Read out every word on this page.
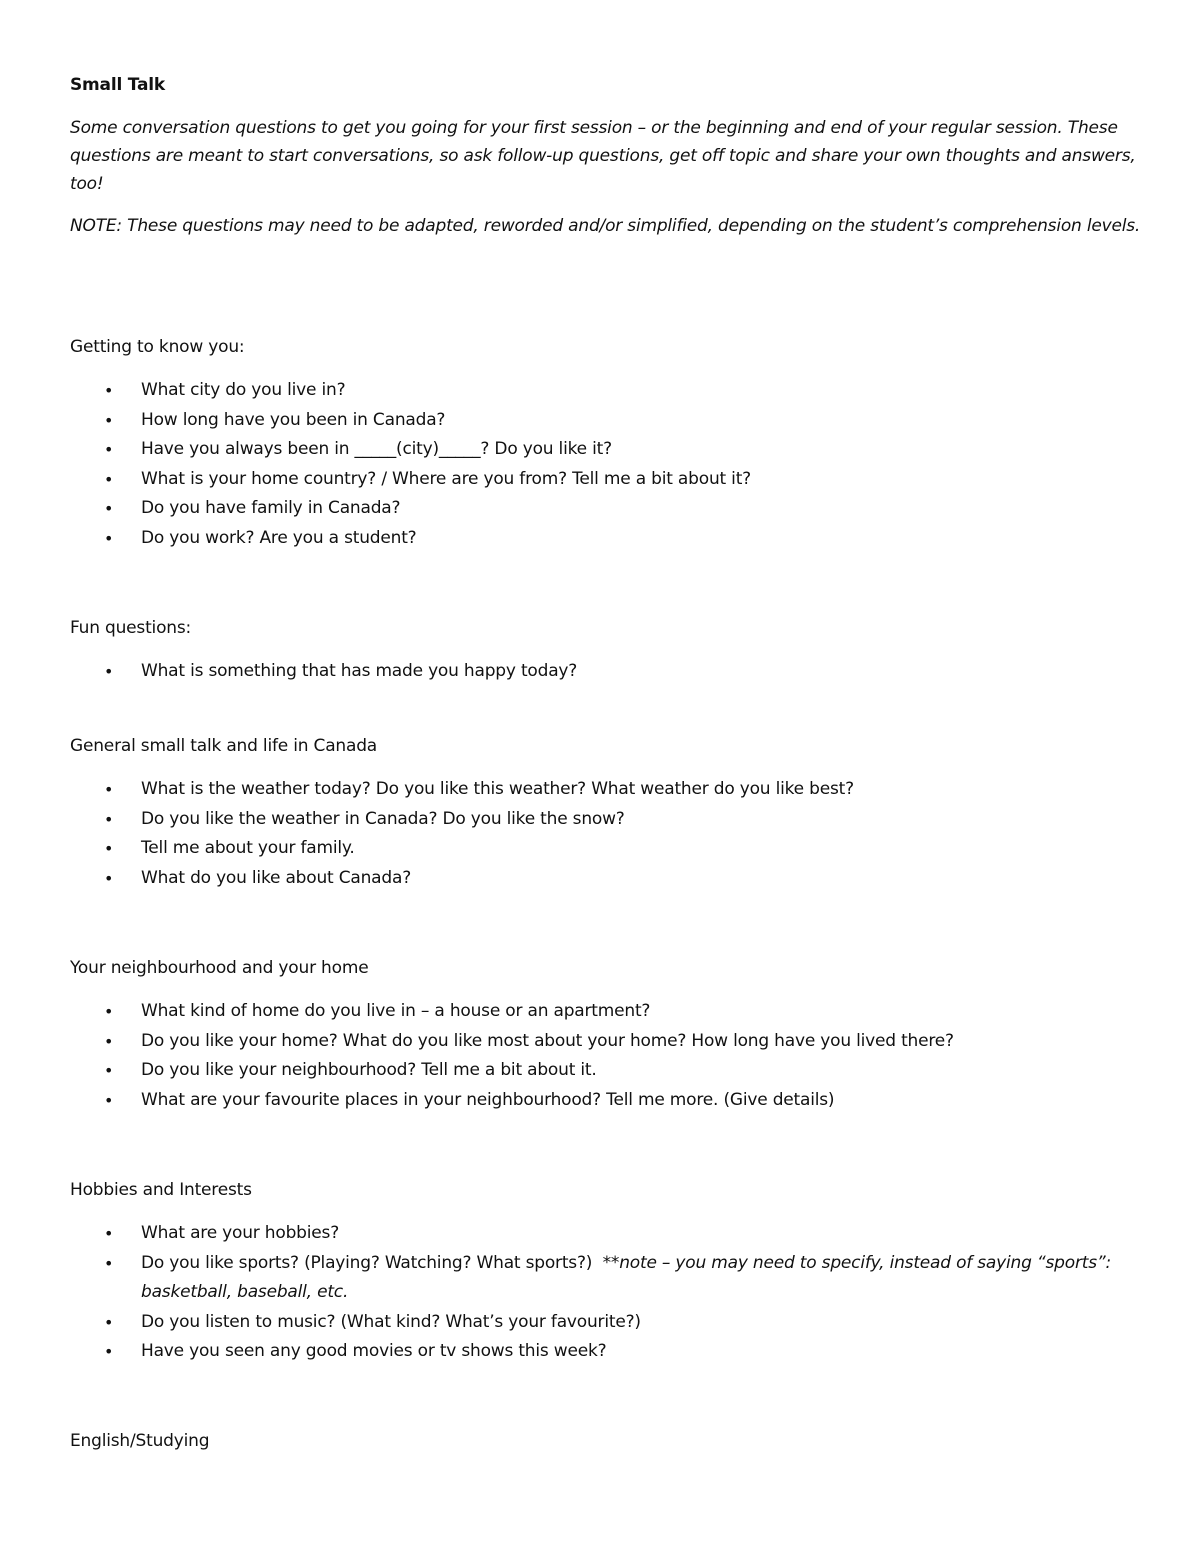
Small Talk

Some conversation questions to get you going for your first session – or the beginning and end of your regular session. These questions are meant to start conversations, so ask follow-up questions, get off topic and share your own thoughts and answers, too!

NOTE: These questions may need to be adapted, reworded and/or simplified, depending on the student’s comprehension levels.

Getting to know you:

• What city do you live in?
• How long have you been in Canada?
• Have you always been in _____(city)_____? Do you like it?
• What is your home country? / Where are you from? Tell me a bit about it?
• Do you have family in Canada?
• Do you work? Are you a student?

Fun questions:

• What is something that has made you happy today?

General small talk and life in Canada

• What is the weather today? Do you like this weather? What weather do you like best?
• Do you like the weather in Canada? Do you like the snow?
• Tell me about your family.
• What do you like about Canada?

Your neighbourhood and your home

• What kind of home do you live in – a house or an apartment?
• Do you like your home? What do you like most about your home? How long have you lived there?
• Do you like your neighbourhood? Tell me a bit about it.
• What are your favourite places in your neighbourhood? Tell me more. (Give details)

Hobbies and Interests

• What are your hobbies?
• Do you like sports? (Playing? Watching? What sports?) **note – you may need to specify, instead of saying “sports”: basketball, baseball, etc.
• Do you listen to music? (What kind? What’s your favourite?)
• Have you seen any good movies or tv shows this week?

English/Studying
